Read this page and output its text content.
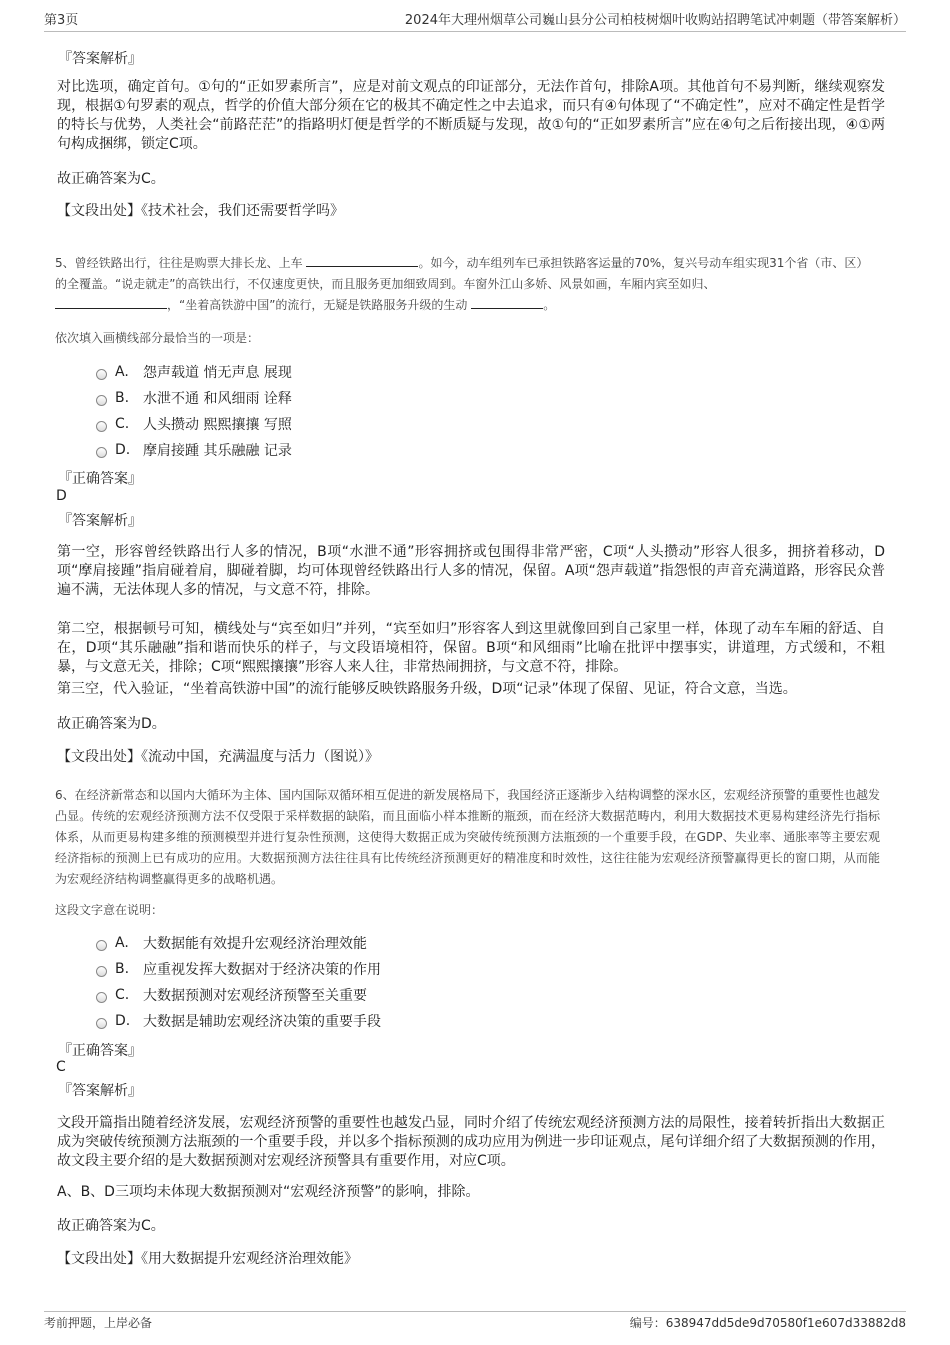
第3页	2024年大理州烟草公司巍山县分公司柏枝树烟叶收购站招聘笔试冲刺题（带答案解析）
『答案解析』
对比选项，确定首句。①句的“正如罗素所言”，应是对前文观点的印证部分，无法作首句，排除A项。其他首句不易判断，继续观察发现，根据①句罗素的观点，哲学的价值大部分须在它的极其不确定性之中去追求，而只有④句体现了“不确定性”，应对不确定性是哲学的特长与优势，人类社会“前路茫茫”的指路明灯便是哲学的不断质疑与发现，故①句的“正如罗素所言”应在④句之后衔接出现，④①两句构成捆绑，锁定C项。
故正确答案为C。
【文段出处】《技术社会，我们还需要哲学吗》
5、曾经铁路出行，往往是购票大排长龙、上车	。如今，动车组列车已承担铁路客运量的70%，复兴号动车组实现31个省（市、区）的全覆盖。“说走就走”的高铁出行，不仅速度更快，而且服务更加细致周到。车窗外江山多娇、风景如画，车厢内宾至如归、
，“坐着高铁游中国”的流行，无疑是铁路服务升级的生动	。
依次填入画横线部分最恰当的一项是：
A.	怨声载道 悄无声息 展现
B. 水泄不通 和风细雨 诠释
C. 人头攒动 熙熙攘攘 写照
D. 摩肩接踵 其乐融融 记录
『正确答案』
D
『答案解析』
第一空，形容曾经铁路出行人多的情况，B项“水泄不通”形容拥挤或包围得非常严密，C项“人头攒动”形容人很多，拥挤着移动，D项“摩肩接踵”指肩碰着肩，脚碰着脚，均可体现曾经铁路出行人多的情况，保留。A项“怨声载道”指怨恨的声音充满道路，形容民众普遍不满，无法体现人多的情况，与文意不符，排除。
第二空，根据顿号可知，横线处与“宾至如归”并列，“宾至如归”形容客人到这里就像回到自己家里一样，体现了动车车厢的舒适、自在，D项“其乐融融”指和谐而快乐的样子，与文段语境相符，保留。B项“和风细雨”比喻在批评中摆事实，讲道理，方式缓和，不粗暴，与文意无关，排除；C项“熙熙攘攘”形容人来人往，非常热闹拥挤，与文意不符，排除。
第三空，代入验证，“坐着高铁游中国”的流行能够反映铁路服务升级，D项“记录”体现了保留、见证，符合文意，当选。
故正确答案为D。
【文段出处】《流动中国，充满温度与活力（图说）》
6、在经济新常态和以国内大循环为主体、国内国际双循环相互促进的新发展格局下，我国经济正逐渐步入结构调整的深水区，宏观经济预警的重要性也越发凸显。传统的宏观经济预测方法不仅受限于采样数据的缺陷，而且面临小样本推断的瓶颈，而在经济大数据范畴内，利用大数据技术更易构建经济先行指标体系，从而更易构建多维的预测模型并进行复杂性预测，这使得大数据正成为突破传统预测方法瓶颈的一个重要手段，在GDP、失业率、通胀率等主要宏观经济指标的预测上已有成功的应用。大数据预测方法往往具有比传统经济预测更好的精准度和时效性，这往往能为宏观经济预警赢得更长的窗口期，从而能为宏观经济结构调整赢得更多的战略机遇。
这段文字意在说明：
A.	大数据能有效提升宏观经济治理效能
B. 应重视发挥大数据对于经济决策的作用
C. 大数据预测对宏观经济预警至关重要
D. 大数据是辅助宏观经济决策的重要手段
『正确答案』
C
『答案解析』
文段开篇指出随着经济发展，宏观经济预警的重要性也越发凸显，同时介绍了传统宏观经济预测方法的局限性，接着转折指出大数据正成为突破传统预测方法瓶颈的一个重要手段，并以多个指标预测的成功应用为例进一步印证观点，尾句详细介绍了大数据预测的作用，故文段主要介绍的是大数据预测对宏观经济预警具有重要作用，对应C项。
A、B、D三项均未体现大数据预测对“宏观经济预警”的影响，排除。
故正确答案为C。
【文段出处】《用大数据提升宏观经济治理效能》
考前押题，上岸必备	编号：638947dd5de9d70580f1e607d33882d8
